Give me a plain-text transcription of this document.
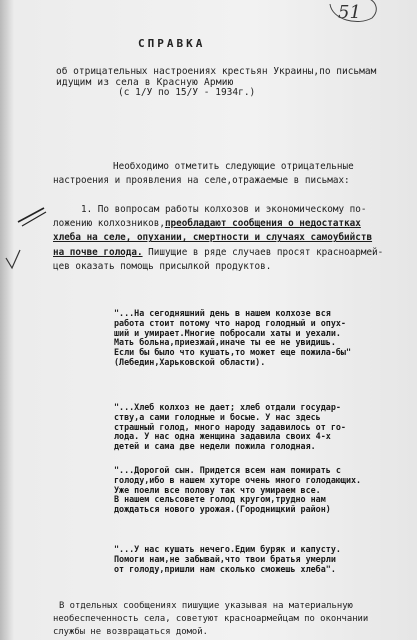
51
СПРАВКА
об отрицательных настроениях крестьян Украины,по письмам
идущим из села в Красную Армию
(с 1/У по 15/У - 1934г.)
Необходимо отметить следующие отрицательные
настроения и проявления на селе,отражаемые в письмах:
1. По вопросам работы колхозов и экономическому по-
ложению колхозников,преобладают сообщения о недостатках
хлеба на селе, опухании, смертности и случаях самоубийств
на почве голода. Пишущие в ряде случаев просят красноармей-
цев оказать помощь присылкой продуктов.
"...На сегодняшний день в нашем колхозе вся
работа стоит потому что народ голодный и опух-
ший и умирает.Многие побросали хаты и уехали.
Мать больна,приезжай,иначе ты ее не увидишь.
Если бы было что кушать,то может еще пожила-бы"
(Лебедин,Харьковской области).
"...Хлеб колхоз не дает; хлеб отдали государ-
ству,а сами голодные и босые. У нас здесь
страшный голод, много народу задавилось от го-
лода. У нас одна женщина задавила своих 4-х
детей и сама две недели пожила голодная.
"...Дорогой сын. Придется всем нам помирать с
голоду,ибо в нашем хуторе очень много голодающих.
Уже поели все полову так что умираем все.
В нашем сельсовете голод кругом,трудно нам
дождаться нового урожая.(Городнищкий район)
"...У нас кушать нечего.Едим буряк и капусту.
Помоги нам,не забывай,что твои братья умерли
от голоду,пришли нам сколько сможешь хлеба".
В отдельных сообщениях пишущие указывая на материальную
необеспеченность села, советуют красноармейцам по окончании
службы не возвращаться домой.
